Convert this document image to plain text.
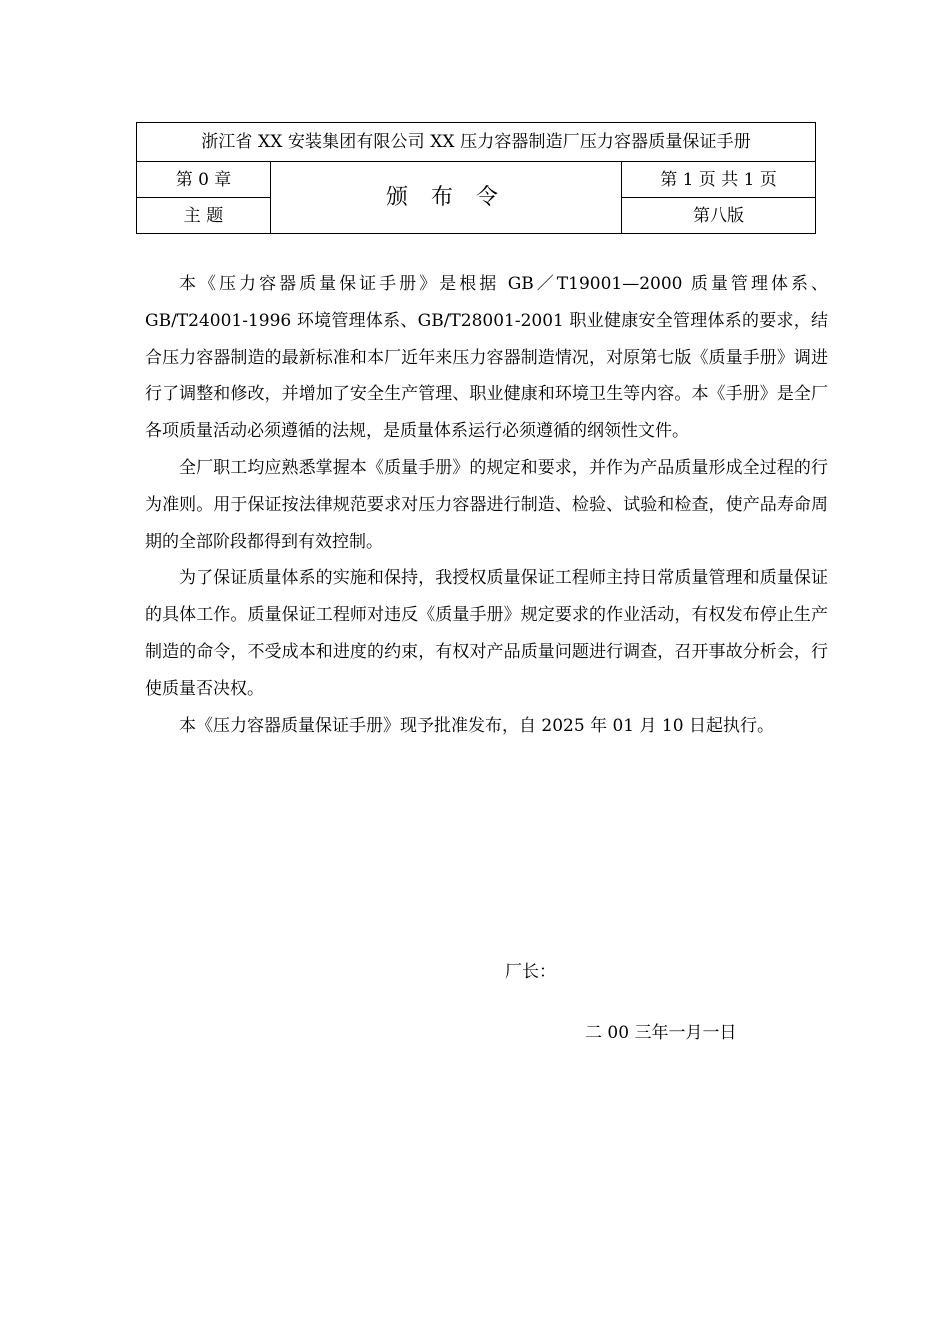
浙江省 XX 安装集团有限公司 XX 压力容器制造厂压力容器质量保证手册		
第 0 章	颁 布 令	第 1 页 共 1 页
主 题		第八版

本《压力容器质量保证手册》是根据 GB／T19001—2000 质量管理体系、GB/T24001-1996 环境管理体系、GB/T28001-2001 职业健康安全管理体系的要求，结合压力容器制造的最新标准和本厂近年来压力容器制造情况，对原第七版《质量手册》调进行了调整和修改，并增加了安全生产管理、职业健康和环境卫生等内容。本《手册》是全厂各项质量活动必须遵循的法规，是质量体系运行必须遵循的纲领性文件。

全厂职工均应熟悉掌握本《质量手册》的规定和要求，并作为产品质量形成全过程的行为准则。用于保证按法律规范要求对压力容器进行制造、检验、试验和检查，使产品寿命周期的全部阶段都得到有效控制。

为了保证质量体系的实施和保持，我授权质量保证工程师主持日常质量管理和质量保证的具体工作。质量保证工程师对违反《质量手册》规定要求的作业活动，有权发布停止生产制造的命令，不受成本和进度的约束，有权对产品质量问题进行调查，召开事故分析会，行使质量否决权。

本《压力容器质量保证手册》现予批准发布，自 2025 年 01 月 10 日起执行。

厂长：
二 00 三年一月一日
